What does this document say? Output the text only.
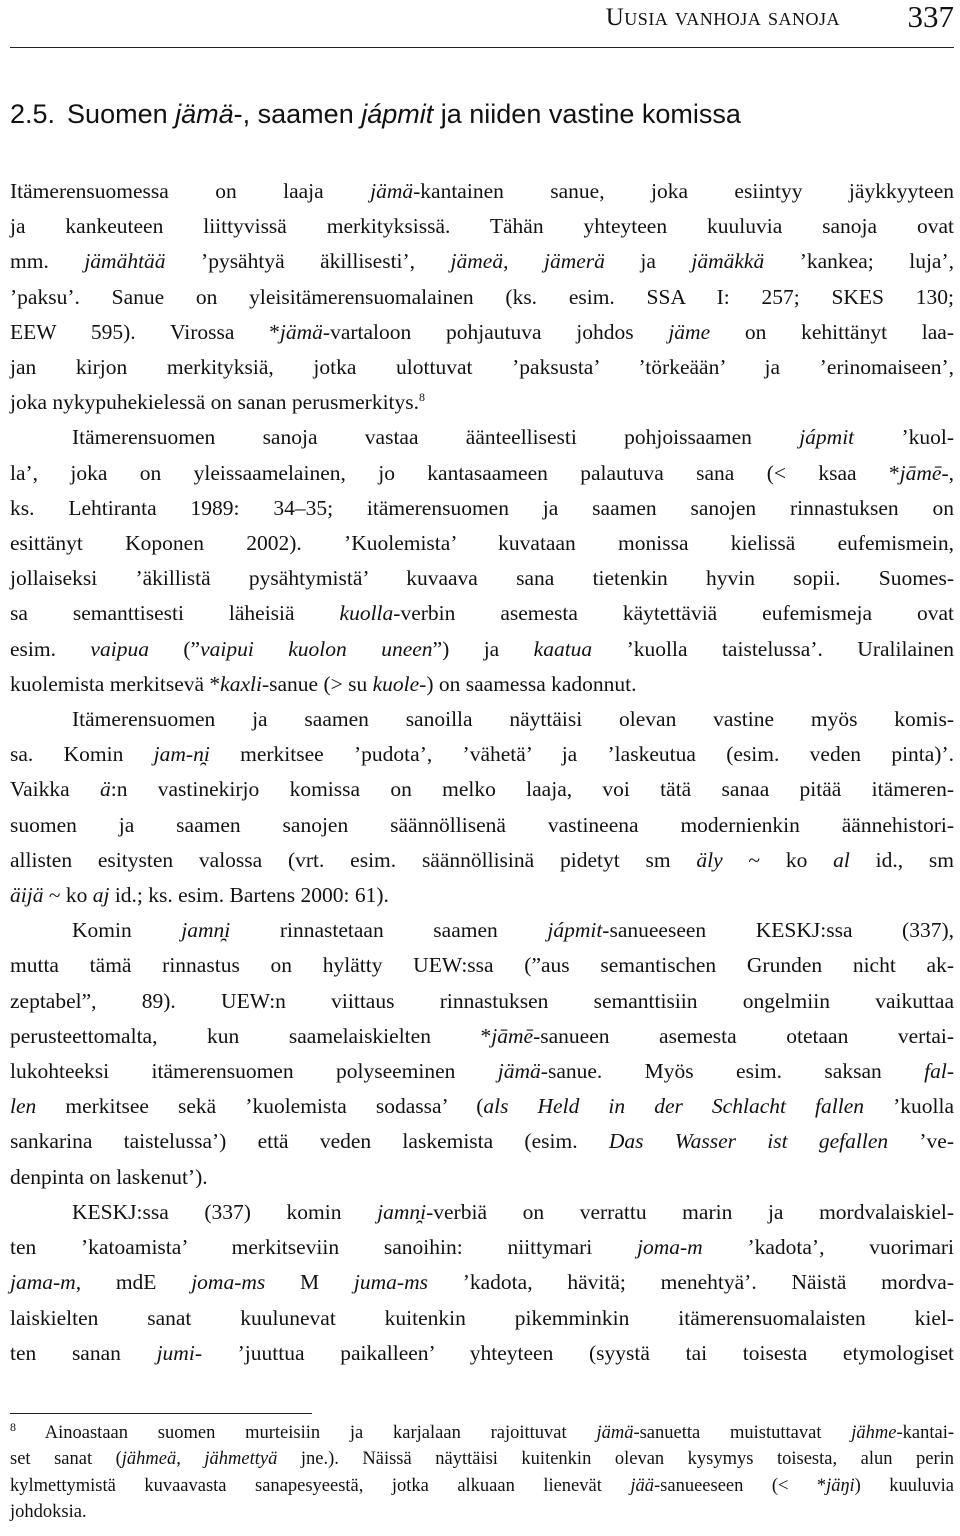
Uusia vanhoja sanoja 337
2.5. Suomen jämä-, saamen jápmit ja niiden vastine komissa
Itämerensuomessa on laaja jämä-kantainen sanue, joka esiintyy jäykkyyteen
ja kankeuteen liittyvissä merkityksissä. Tähän yhteyteen kuuluvia sanoja ovat
mm. jämähtää ’pysähtyä äkillisesti’, jämeä, jämerä ja jämäkkä ’kankea; luja’,
’paksu’. Sanue on yleisitämerensuomalainen (ks. esim. SSA I: 257; SKES 130;
EEW 595). Virossa *jämä-vartaloon pohjautuva johdos jäme on kehittänyt laa-
jan kirjon merkityksiä, jotka ulottuvat ’paksusta’ ’törkeään’ ja ’erinomaiseen’,
joka nykypuhekielessä on sanan perusmerkitys.$^8$
Itämerensuomen sanoja vastaa äänteellisesti pohjoissaamen jápmit ’kuol-
la’, joka on yleissaamelainen, jo kantasaameen palautuva sana (< ksaa *jāmē-,
ks. Lehtiranta 1989: 34–35; itämerensuomen ja saamen sanojen rinnastuksen on
esittänyt Koponen 2002). ’Kuolemista’ kuvataan monissa kielissä eufemismein,
jollaiseksi ’äkillistä pysähtymistä’ kuvaava sana tietenkin hyvin sopii. Suomes-
sa semanttisesti läheisiä kuolla-verbin asemesta käytettäviä eufemismeja ovat
esim. vaipua (”vaipui kuolon uneen”) ja kaatua ’kuolla taistelussa’. Uralilainen
kuolemista merkitsevä *kaxli-sanue (> su kuole-) on saamessa kadonnut.
Itämerensuomen ja saamen sanoilla näyttäisi olevan vastine myös komis-
sa. Komin jam-n̯i merkitsee ’pudota’, ’vähetä’ ja ’laskeutua (esim. veden pinta)’.
Vaikka ä:n vastinekirjo komissa on melko laaja, voi tätä sanaa pitää itämeren-
suomen ja saamen sanojen säännöllisenä vastineena modernienkin äännehistori-
allisten esitysten valossa (vrt. esim. säännöllisinä pidetyt sm äly ~ ko al id., sm
äijä ~ ko aj id.; ks. esim. Bartens 2000: 61).
Komin jamn̯i rinnastetaan saamen jápmit-sanueeseen KESKJ:ssa (337),
mutta tämä rinnastus on hylätty UEW:ssa (”aus semantischen Grunden nicht ak-
zeptabel”, 89). UEW:n viittaus rinnastuksen semanttisiin ongelmiin vaikuttaa
perusteettomalta, kun saamelaiskielten *jāmē-sanueen asemesta otetaan vertai-
lukohteeksi itämerensuomen polyseeminen jämä-sanue. Myös esim. saksan fal-
len merkitsee sekä ’kuolemista sodassa’ (als Held in der Schlacht fallen ’kuolla
sankarina taistelussa’) että veden laskemista (esim. Das Wasser ist gefallen ’ve-
denpinta on laskenut’).
KESKJ:ssa (337) komin jamn̯i-verbiä on verrattu marin ja mordvalaiskiel-
ten ’katoamista’ merkitseviin sanoihin: niittymari joma-m ’kadota’, vuorimari
jama-m, mdE joma-ms M juma-ms ’kadota, hävitä; menehtyä’. Näistä mordva-
laiskielten sanat kuulunevat kuitenkin pikemminkin itämerensuomalaisten kiel-
ten sanan jumi- ’juuttua paikalleen’ yhteyteen (syystä tai toisesta etymologiset
$^8$ Ainoastaan suomen murteisiin ja karjalaan rajoittuvat jämä-sanuetta muistuttavat jähme-kantai-
set sanat (jähmeä, jähmettyä jne.). Näissä näyttäisi kuitenkin olevan kysymys toisesta, alun perin
kylmettymistä kuvaavasta sanapesyeestä, jotka alkuaan lienevät jää-sanueeseen (< *jäŋi) kuuluvia
johdoksia.
